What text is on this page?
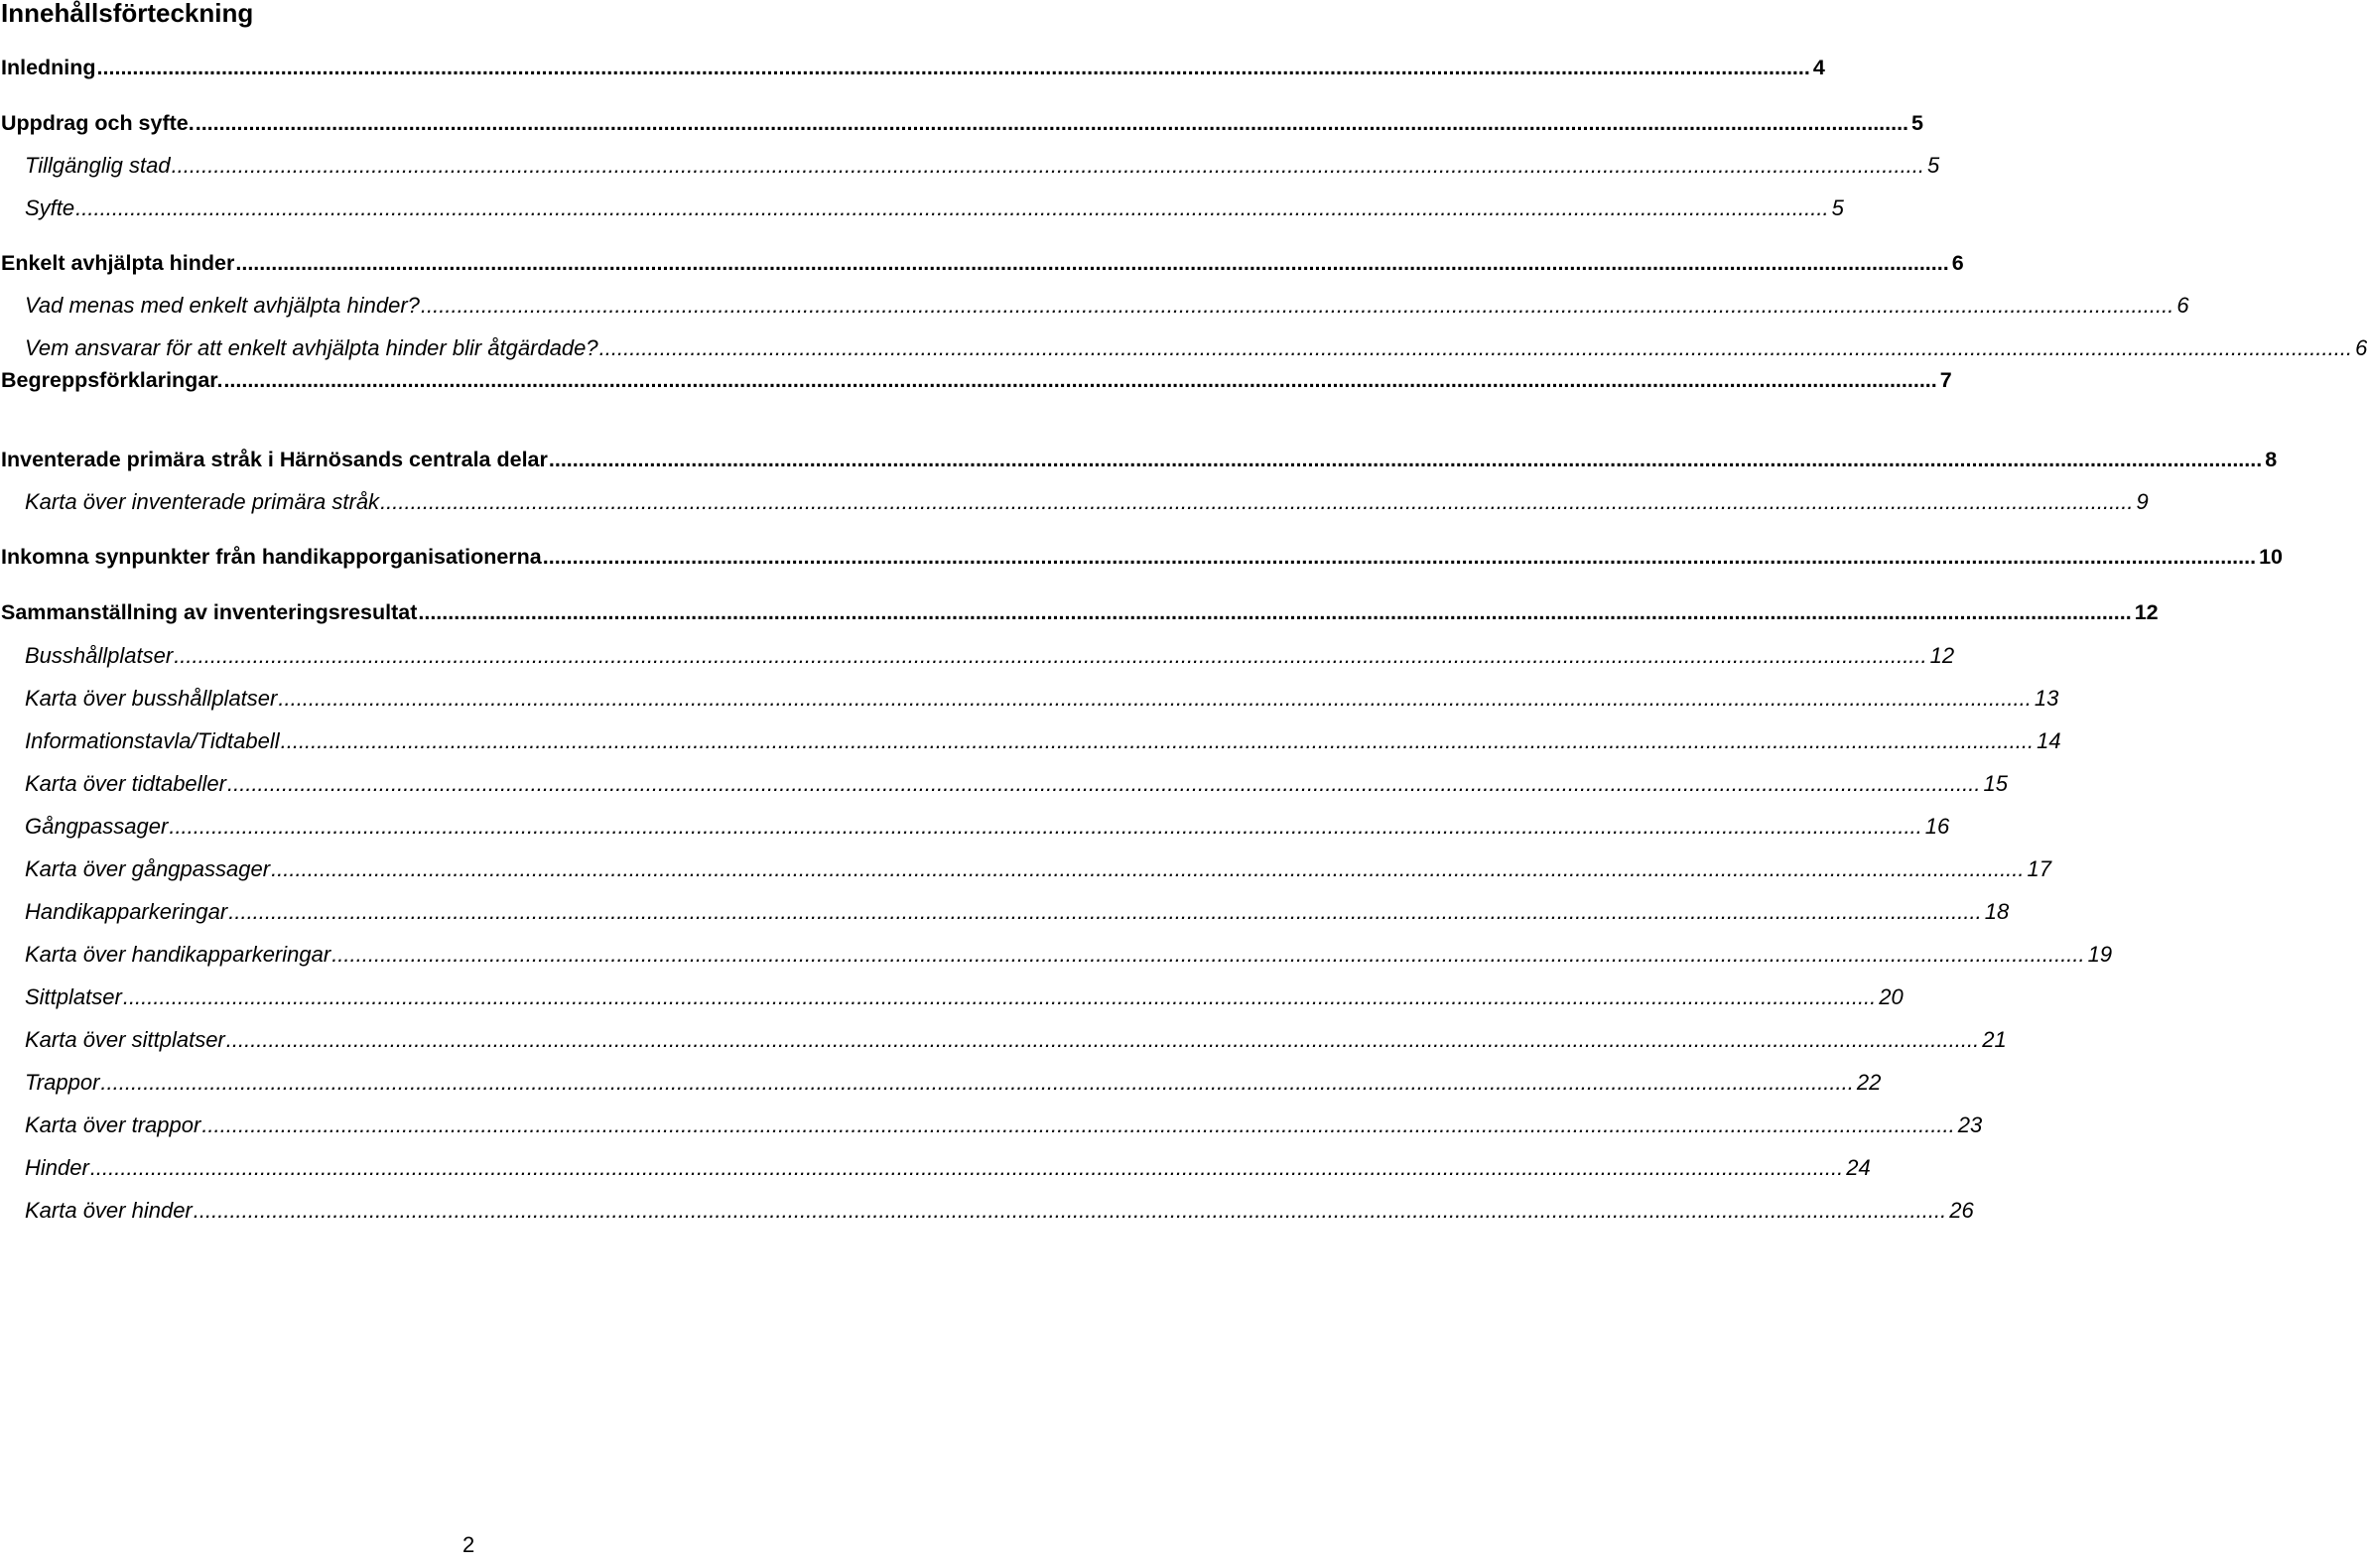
Innehållsförteckning
Inledning .....	4
Uppdrag och syfte. .....	5
Tillgänglig stad .....	5
Syfte .....	5
Enkelt avhjälpta hinder .....	6
Vad menas med enkelt avhjälpta hinder? .....	6
Vem ansvarar för att enkelt avhjälpta hinder blir åtgärdade? .....	6
Begreppsförklaringar. .....	7
Inventerade primära stråk i Härnösands centrala delar .....	8
Karta över inventerade primära stråk .....	9
Inkomna synpunkter från handikapporganisationerna .....	10
Sammanställning av inventeringsresultat .....	12
Busshållplatser .....	12
Karta över busshållplatser .....	13
Informationstavla/Tidtabell .....	14
Karta över tidtabeller .....	15
Gångpassager .....	16
Karta över gångpassager .....	17
Handikapparkeringar .....	18
Karta över handikapparkeringar .....	19
Sittplatser .....	20
Karta över sittplatser .....	21
Trappor .....	22
Karta över trappor .....	23
Hinder .....	24
Karta över hinder .....	26
2
